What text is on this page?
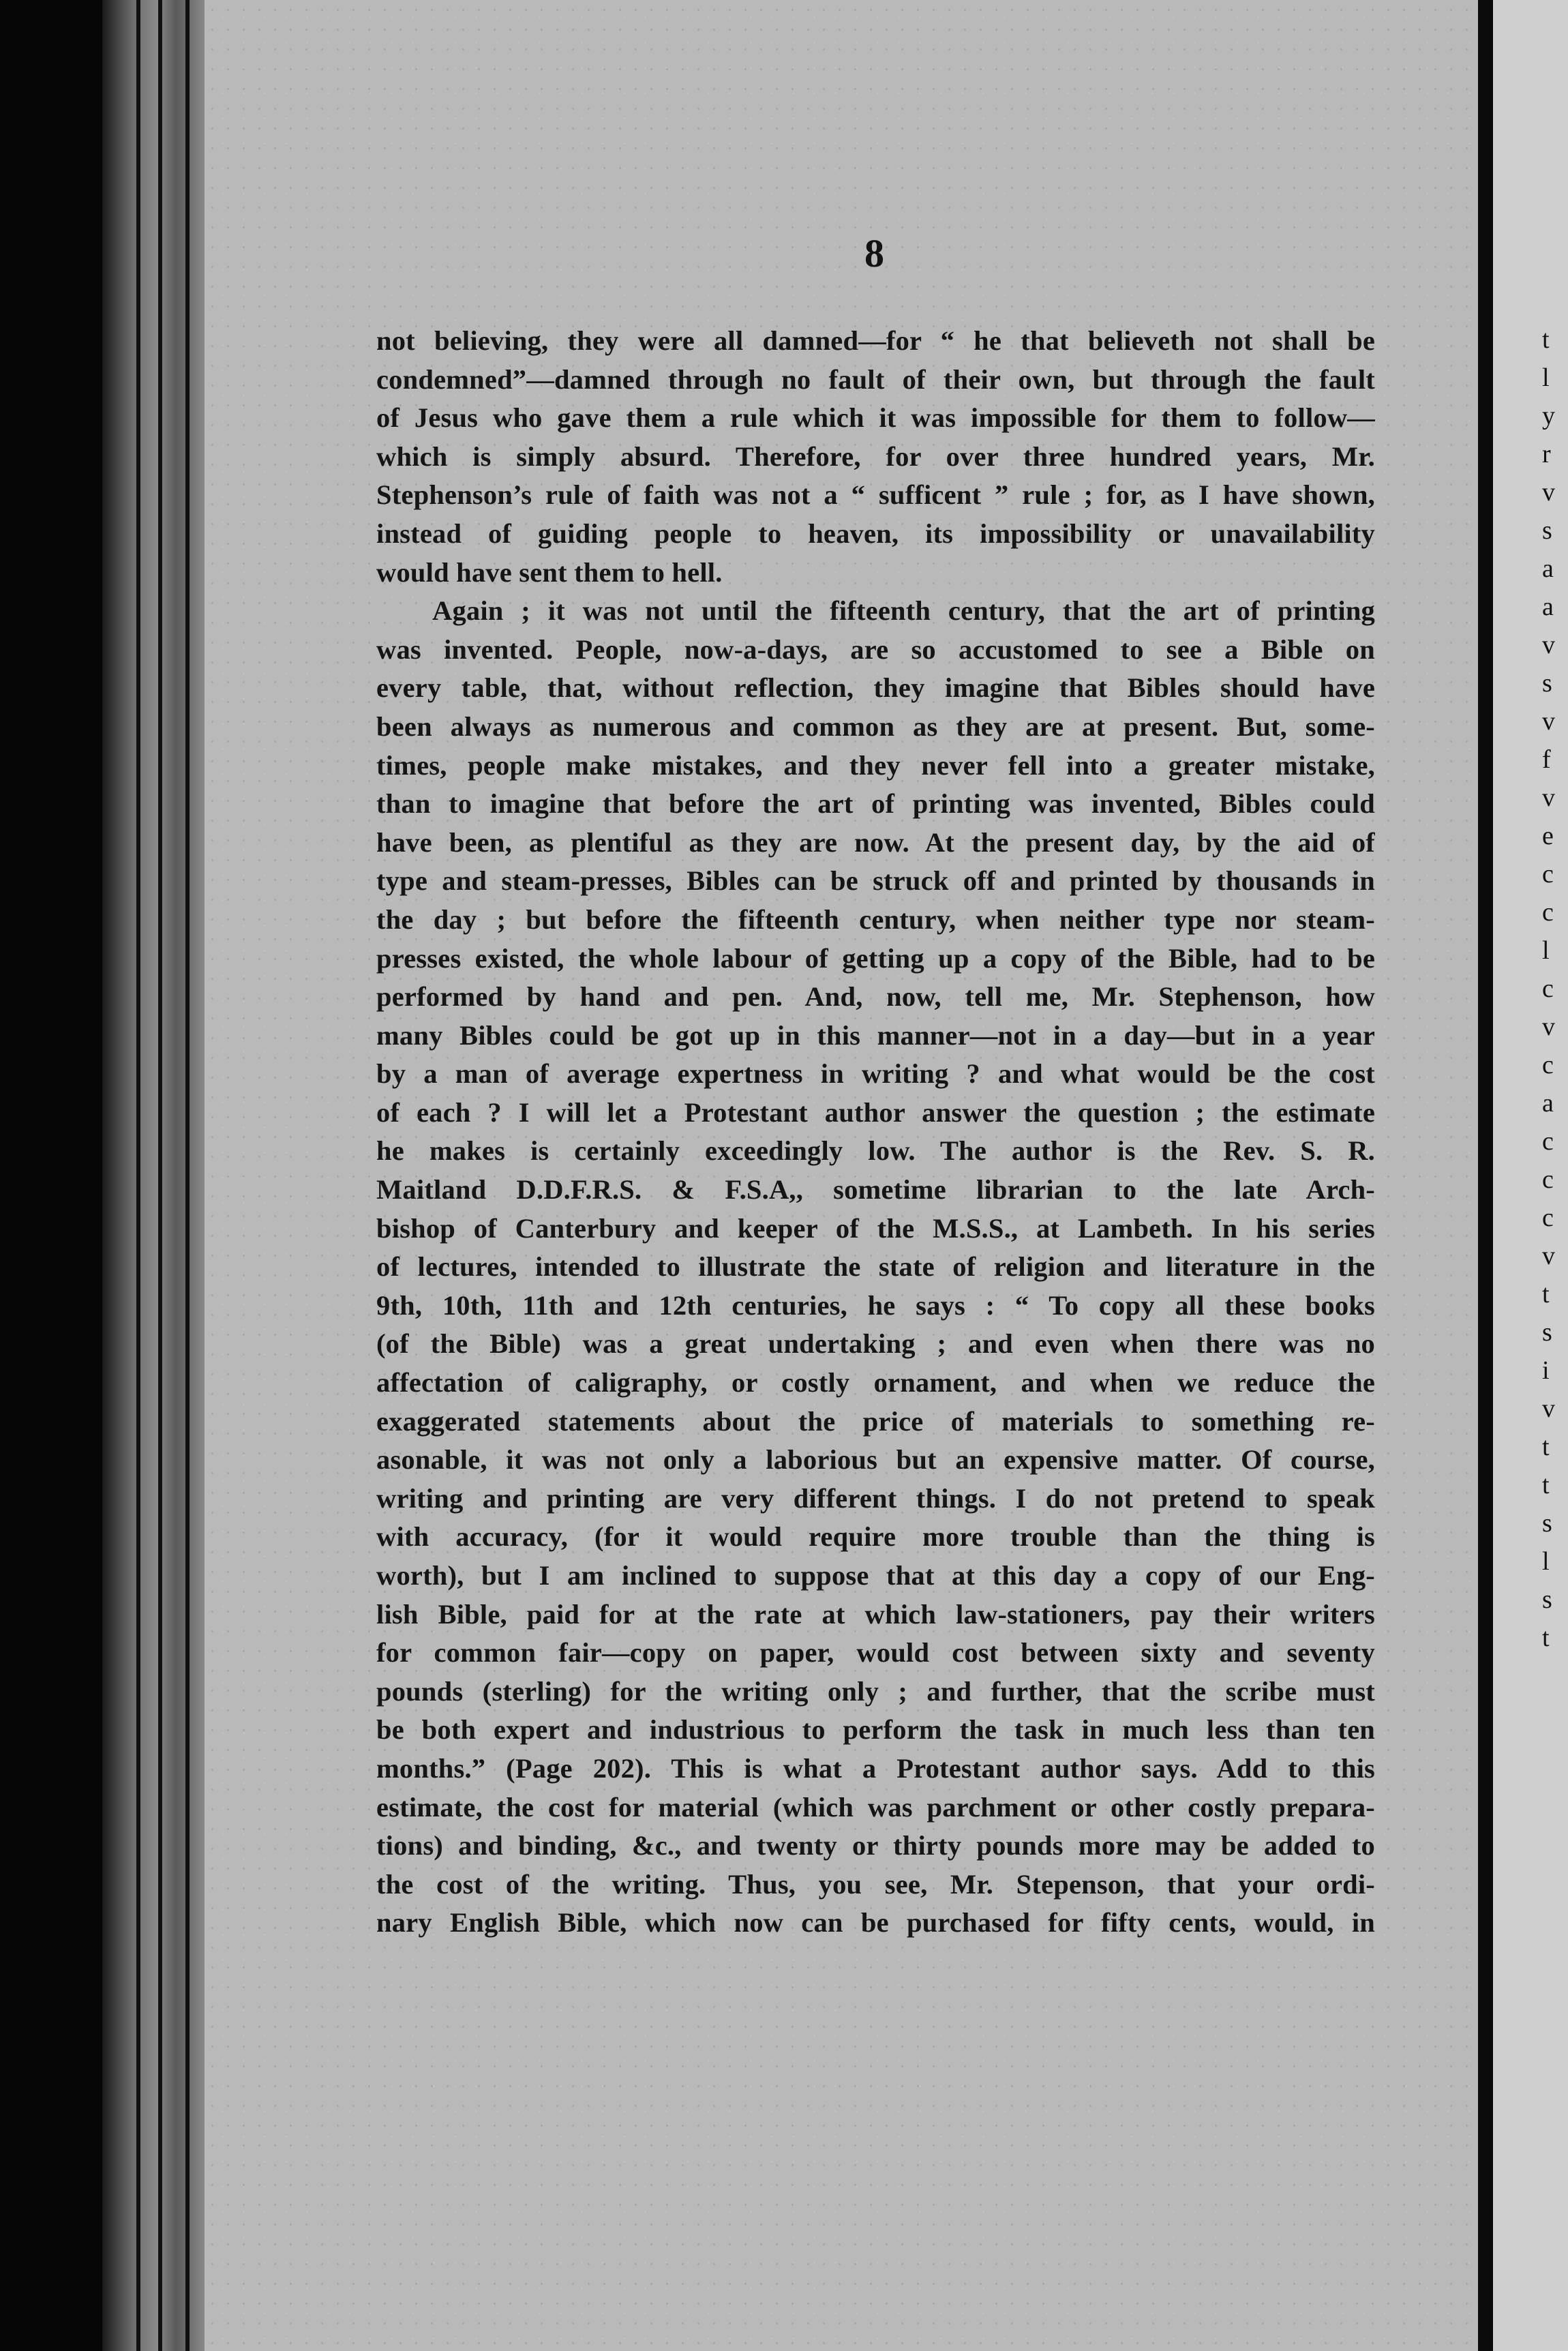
t
l
y
r
v
s
a
a
v
s
v
f
v
e
c
c
l
c
v
c
a
c
c
c
v
t
s
i
v
t
t
s
l
s
t
8
not believing, they were all damned—for “ he that believeth not shall be
condemned”—damned through no fault of their own, but through the fault
of Jesus who gave them a rule which it was impossible for them to follow—
which is simply absurd. Therefore, for over three hundred years, Mr.
Stephenson’s rule of faith was not a “ sufficent ” rule ; for, as I have shown,
instead of guiding people to heaven, its impossibility or unavailability
would have sent them to hell.
Again ; it was not until the fifteenth century, that the art of printing
was invented. People, now-a-days, are so accustomed to see a Bible on
every table, that, without reflection, they imagine that Bibles should have
been always as numerous and common as they are at present. But, some-
times, people make mistakes, and they never fell into a greater mistake,
than to imagine that before the art of printing was invented, Bibles could
have been, as plentiful as they are now. At the present day, by the aid of
type and steam-presses, Bibles can be struck off and printed by thousands in
the day ; but before the fifteenth century, when neither type nor steam-
presses existed, the whole labour of getting up a copy of the Bible, had to be
performed by hand and pen. And, now, tell me, Mr. Stephenson, how
many Bibles could be got up in this manner—not in a day—but in a year
by a man of average expertness in writing ? and what would be the cost
of each ? I will let a Protestant author answer the question ; the estimate
he makes is certainly exceedingly low. The author is the Rev. S. R.
Maitland D.D.F.R.S. & F.S.A,, sometime librarian to the late Arch-
bishop of Canterbury and keeper of the M.S.S., at Lambeth. In his series
of lectures, intended to illustrate the state of religion and literature in the
9th, 10th, 11th and 12th centuries, he says : “ To copy all these books
(of the Bible) was a great undertaking ; and even when there was no
affectation of caligraphy, or costly ornament, and when we reduce the
exaggerated statements about the price of materials to something re-
asonable, it was not only a laborious but an expensive matter. Of course,
writing and printing are very different things. I do not pretend to speak
with accuracy, (for it would require more trouble than the thing is
worth), but I am inclined to suppose that at this day a copy of our Eng-
lish Bible, paid for at the rate at which law-stationers, pay their writers
for common fair—copy on paper, would cost between sixty and seventy
pounds (sterling) for the writing only ; and further, that the scribe must
be both expert and industrious to perform the task in much less than ten
months.” (Page 202). This is what a Protestant author says. Add to this
estimate, the cost for material (which was parchment or other costly prepara-
tions) and binding, &c., and twenty or thirty pounds more may be added to
the cost of the writing. Thus, you see, Mr. Stepenson, that your ordi-
nary English Bible, which now can be purchased for fifty cents, would, in
